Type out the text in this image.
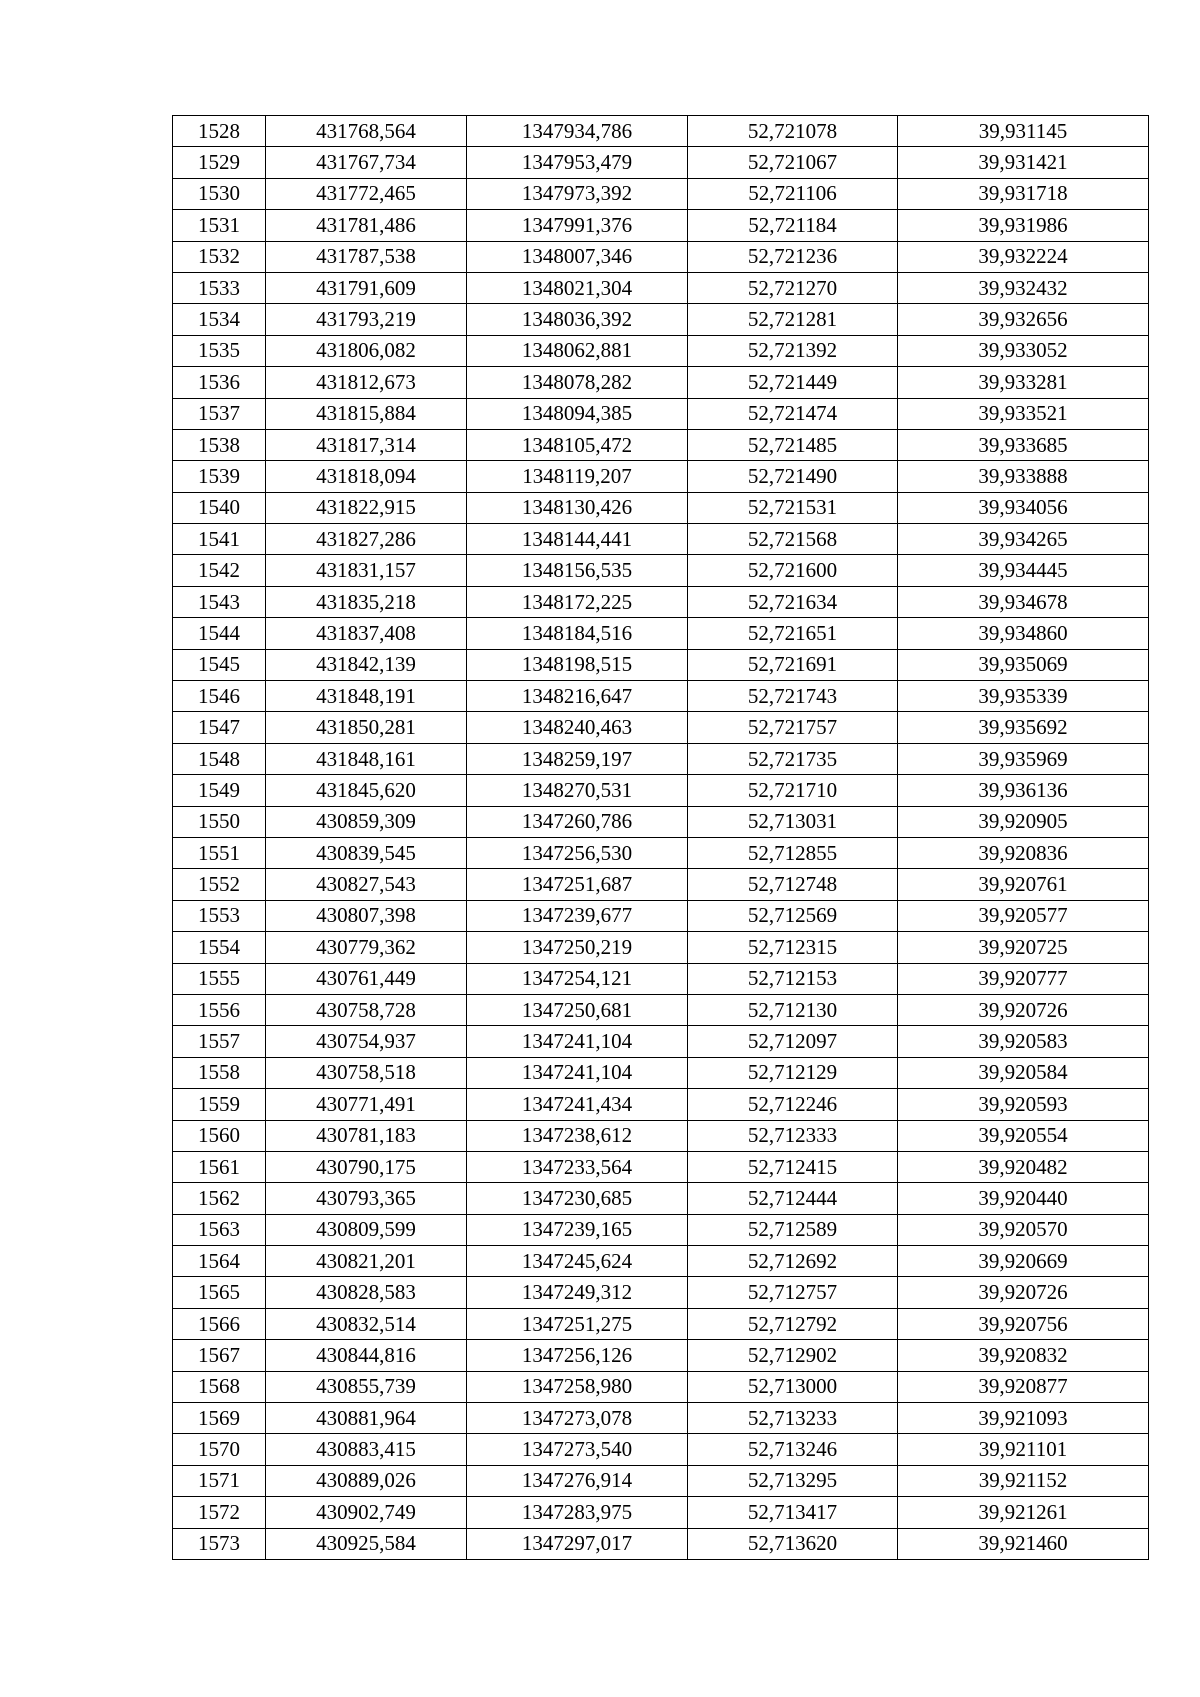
1528	431768,564	1347934,786	52,721078	39,931145
1529	431767,734	1347953,479	52,721067	39,931421
1530	431772,465	1347973,392	52,721106	39,931718
1531	431781,486	1347991,376	52,721184	39,931986
1532	431787,538	1348007,346	52,721236	39,932224
1533	431791,609	1348021,304	52,721270	39,932432
1534	431793,219	1348036,392	52,721281	39,932656
1535	431806,082	1348062,881	52,721392	39,933052
1536	431812,673	1348078,282	52,721449	39,933281
1537	431815,884	1348094,385	52,721474	39,933521
1538	431817,314	1348105,472	52,721485	39,933685
1539	431818,094	1348119,207	52,721490	39,933888
1540	431822,915	1348130,426	52,721531	39,934056
1541	431827,286	1348144,441	52,721568	39,934265
1542	431831,157	1348156,535	52,721600	39,934445
1543	431835,218	1348172,225	52,721634	39,934678
1544	431837,408	1348184,516	52,721651	39,934860
1545	431842,139	1348198,515	52,721691	39,935069
1546	431848,191	1348216,647	52,721743	39,935339
1547	431850,281	1348240,463	52,721757	39,935692
1548	431848,161	1348259,197	52,721735	39,935969
1549	431845,620	1348270,531	52,721710	39,936136
1550	430859,309	1347260,786	52,713031	39,920905
1551	430839,545	1347256,530	52,712855	39,920836
1552	430827,543	1347251,687	52,712748	39,920761
1553	430807,398	1347239,677	52,712569	39,920577
1554	430779,362	1347250,219	52,712315	39,920725
1555	430761,449	1347254,121	52,712153	39,920777
1556	430758,728	1347250,681	52,712130	39,920726
1557	430754,937	1347241,104	52,712097	39,920583
1558	430758,518	1347241,104	52,712129	39,920584
1559	430771,491	1347241,434	52,712246	39,920593
1560	430781,183	1347238,612	52,712333	39,920554
1561	430790,175	1347233,564	52,712415	39,920482
1562	430793,365	1347230,685	52,712444	39,920440
1563	430809,599	1347239,165	52,712589	39,920570
1564	430821,201	1347245,624	52,712692	39,920669
1565	430828,583	1347249,312	52,712757	39,920726
1566	430832,514	1347251,275	52,712792	39,920756
1567	430844,816	1347256,126	52,712902	39,920832
1568	430855,739	1347258,980	52,713000	39,920877
1569	430881,964	1347273,078	52,713233	39,921093
1570	430883,415	1347273,540	52,713246	39,921101
1571	430889,026	1347276,914	52,713295	39,921152
1572	430902,749	1347283,975	52,713417	39,921261
1573	430925,584	1347297,017	52,713620	39,921460
